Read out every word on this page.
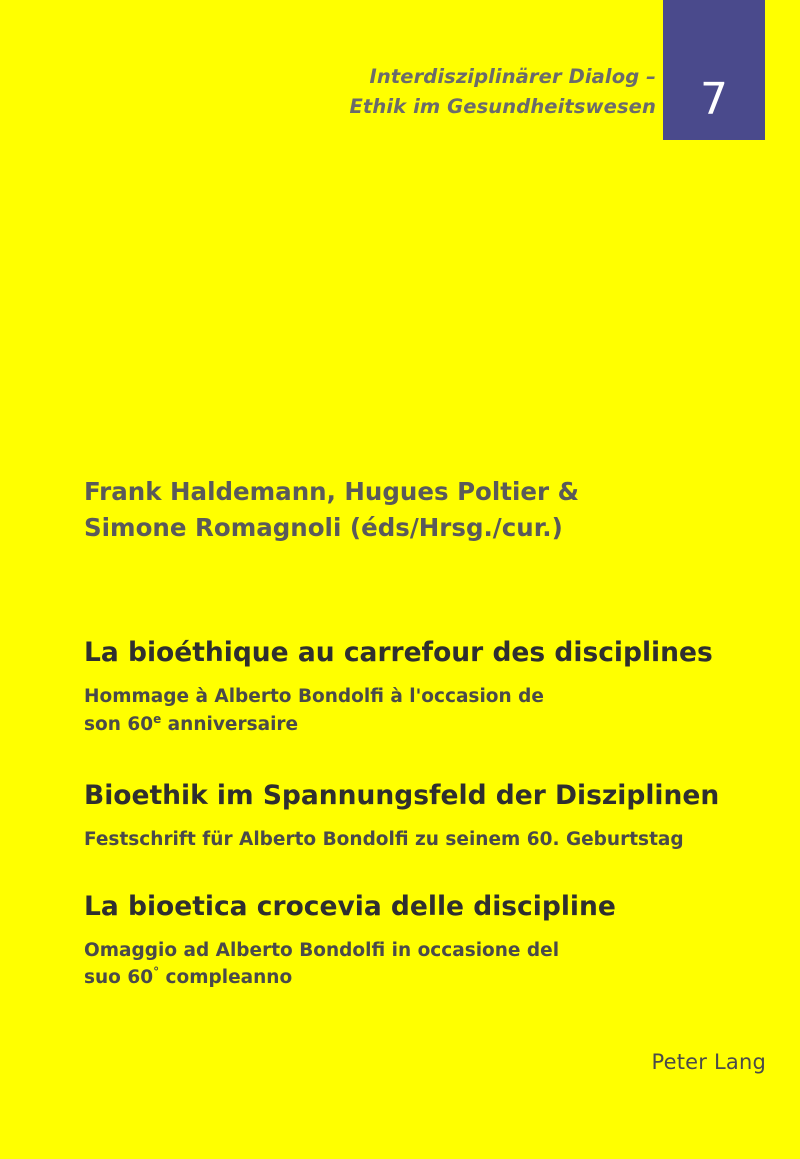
Interdisziplinärer Dialog –
Ethik im Gesundheitswesen 7
Frank Haldemann, Hugues Poltier &
Simone Romagnoli (éds/Hrsg./cur.)
La bioéthique au carrefour des disciplines
Hommage à Alberto Bondolfi à l'occasion de
son 60e anniversaire
Bioethik im Spannungsfeld der Disziplinen
Festschrift für Alberto Bondolfi zu seinem 60. Geburtstag
La bioetica crocevia delle discipline
Omaggio ad Alberto Bondolfi in occasione del
suo 60° compleanno
Peter Lang
